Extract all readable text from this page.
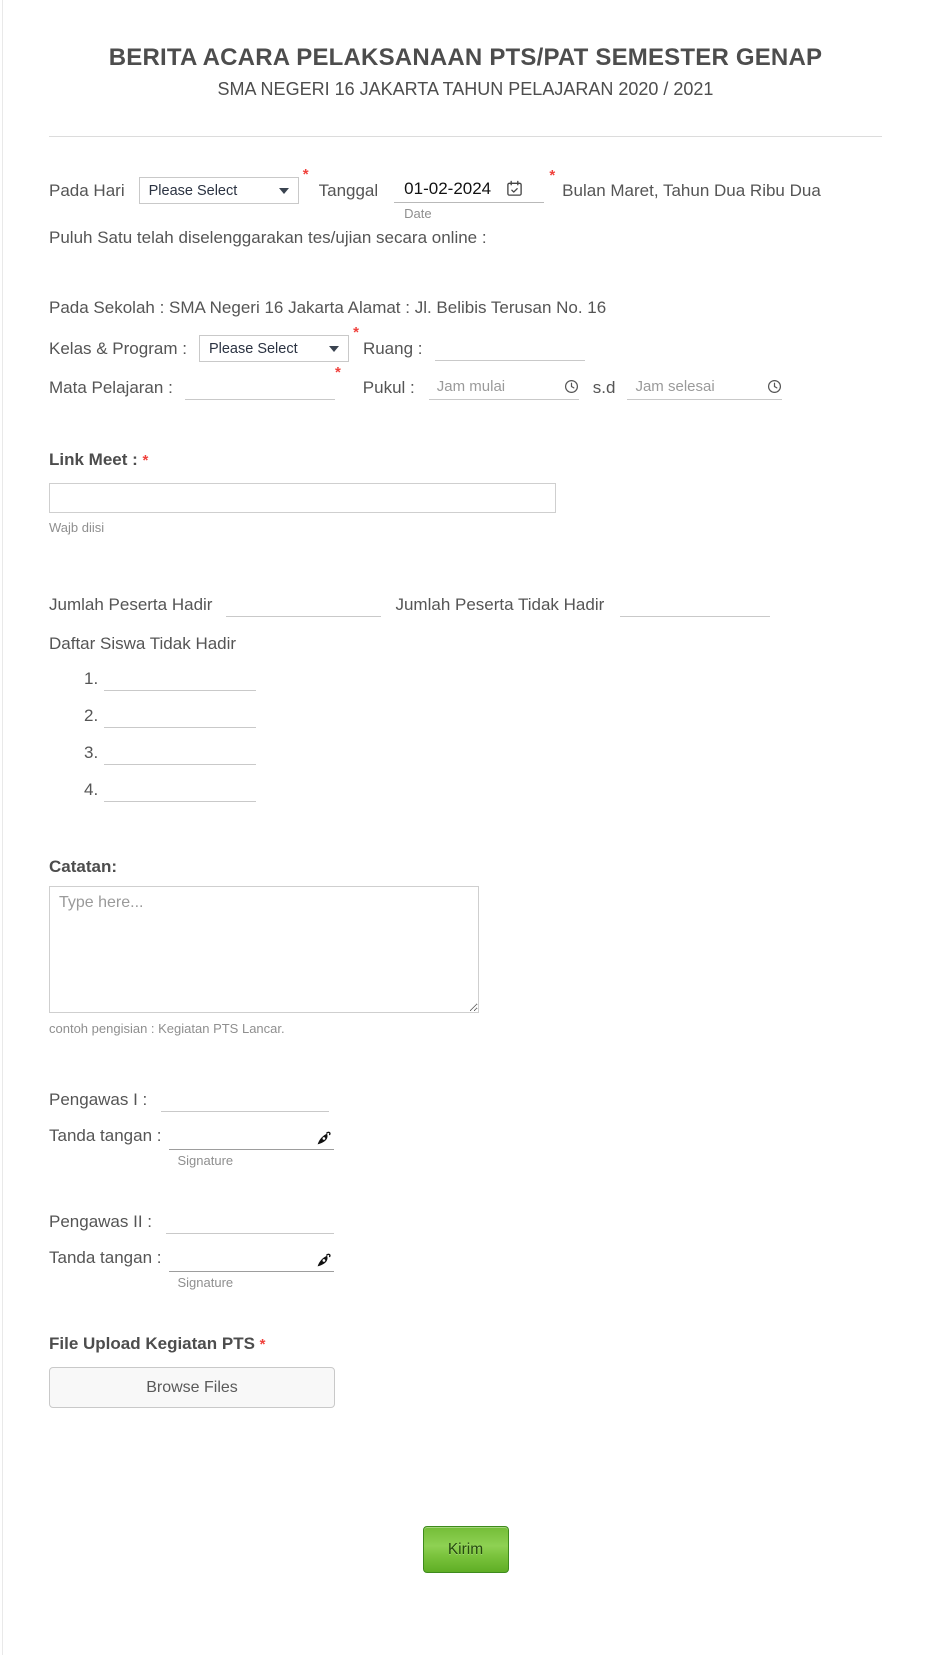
BERITA ACARA PELAKSANAAN PTS/PAT SEMESTER GENAP
SMA NEGERI 16 JAKARTA TAHUN PELAJARAN 2020 / 2021
Pada Hari Please Select
*
Tanggal
01-02-2024
*
Date
Bulan Maret, Tahun Dua Ribu Dua
Puluh Satu telah diselenggarakan tes/ujian secara online :
Pada Sekolah : SMA Negeri 16 Jakarta Alamat : Jl. Belibis Terusan No. 16
Kelas & Program : Please Select
*
Ruang :
Mata Pelajaran :
*
Pukul :
Jam mulai	s.d
Jam selesai
Link Meet : *
Wajb diisi
Jumlah Peserta Hadir	Jumlah Peserta Tidak Hadir
Daftar Siswa Tidak Hadir
1.
2.
3.
4.
Catatan:
Type here...
contoh pengisian : Kegiatan PTS Lancar.
Pengawas I :
Tanda tangan :
Signature
Pengawas II :
Tanda tangan :
Signature
File Upload Kegiatan PTS *
Browse Files
Kirim
